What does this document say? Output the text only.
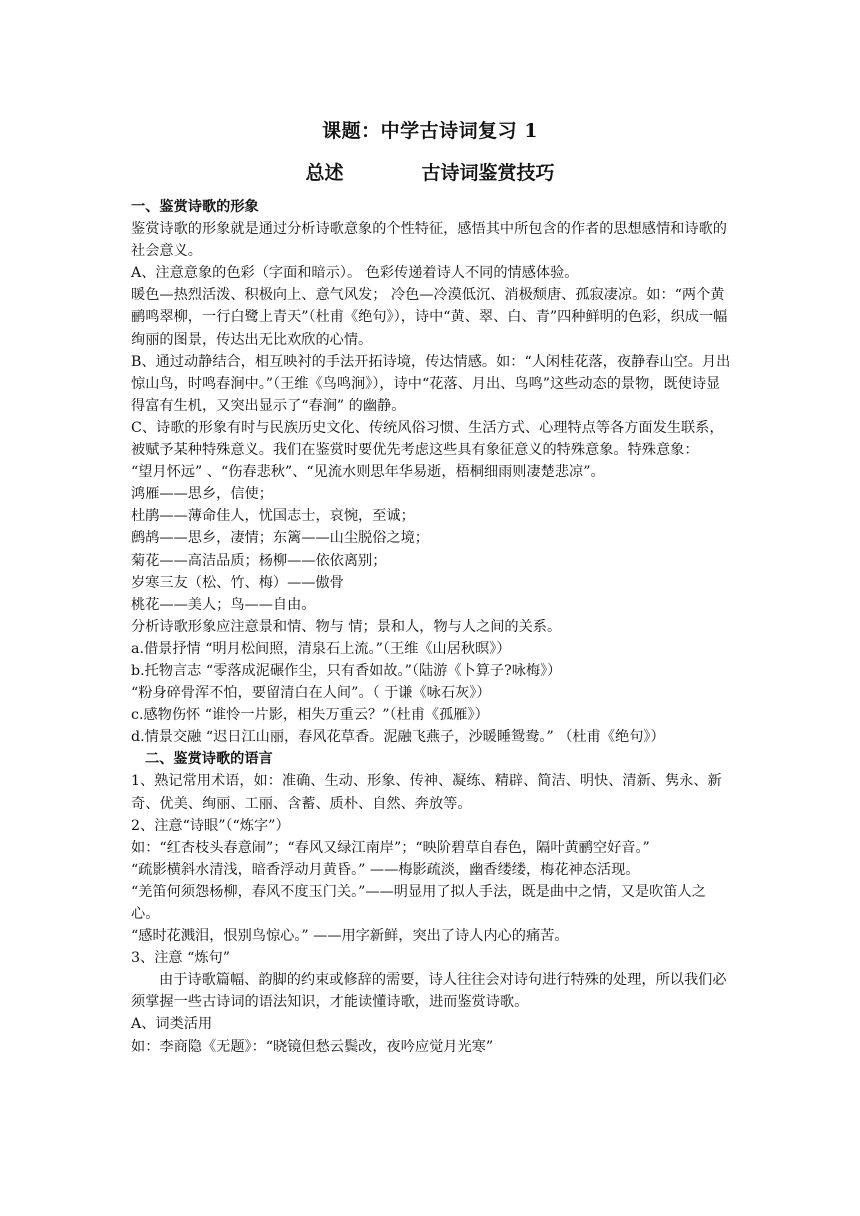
课题：中学古诗词复习 1
总述	古诗词鉴赏技巧

一、鉴赏诗歌的形象

鉴赏诗歌的形象就是通过分析诗歌意象的个性特征，感悟其中所包含的作者的思想感情和诗歌的社会意义。

A、注意意象的色彩（字面和暗示）。 色彩传递着诗人不同的情感体验。

暖色—热烈活泼、积极向上、意气风发； 冷色—冷漠低沉、消极颓唐、孤寂凄凉。如：“两个黄鹂鸣翠柳，一行白鹭上青天”（杜甫《绝句》），诗中“黄、翠、白、青”四种鲜明的色彩，织成一幅绚丽的图景，传达出无比欢欣的心情。

B、通过动静结合，相互映衬的手法开拓诗境，传达情感。如：“人闲桂花落，夜静春山空。月出惊山鸟，时鸣春涧中。”（王维《鸟鸣涧》），诗中“花落、月出、鸟鸣”这些动态的景物，既使诗显得富有生机，又突出显示了“春涧” 的幽静。

C、诗歌的形象有时与民族历史文化、传统风俗习惯、生活方式、心理特点等各方面发生联系，被赋予某种特殊意义。我们在鉴赏时要优先考虑这些具有象征意义的特殊意象。特殊意象：

“望月怀远” 、“伤春悲秋”、“见流水则思年华易逝，梧桐细雨则凄楚悲凉”。

鸿雁——思乡，信使；

杜鹃——薄命佳人，忧国志士，哀惋，至诚；

鹧鸪——思乡，凄情；东篱——山尘脱俗之境；

菊花——高洁品质；杨柳——依依离别；

岁寒三友（松、竹、梅）——傲骨

桃花——美人；鸟——自由。

分析诗歌形象应注意景和情、物与 情；景和人，物与人之间的关系。

a.借景抒情 “明月松间照，清泉石上流。”（王维《山居秋暝》）

b.托物言志 “零落成泥碾作尘，只有香如故。”（陆游《卜算子?咏梅》）

“粉身碎骨浑不怕，要留清白在人间”。（ 于谦《咏石灰》）

c.感物伤怀 “谁怜一片影，相失万重云？”（杜甫《孤雁》）

d.情景交融 “迟日江山丽，春风花草香。泥融飞燕子，沙暖睡鸳鸯。” （杜甫《绝句》）

二、鉴赏诗歌的语言

1、熟记常用术语，如：准确、生动、形象、传神、凝练、精辟、简洁、明快、清新、隽永、新奇、优美、绚丽、工丽、含蓄、质朴、自然、奔放等。

2、注意“诗眼”（“炼字”）

如：“红杏枝头春意闹”；“春风又绿江南岸”；“映阶碧草自春色，隔叶黄鹂空好音。”

“疏影横斜水清浅，暗香浮动月黄昏。” ——梅影疏淡，幽香缕缕，梅花神态活现。

“羌笛何须怨杨柳，春风不度玉门关。”——明显用了拟人手法，既是曲中之情，又是吹笛人之心。

“感时花溅泪，恨别鸟惊心。” ——用字新鲜，突出了诗人内心的痛苦。

3、注意 “炼句”

由于诗歌篇幅、韵脚的约束或修辞的需要，诗人往往会对诗句进行特殊的处理，所以我们必须掌握一些古诗词的语法知识，才能读懂诗歌，进而鉴赏诗歌。

A、词类活用

如：李商隐《无题》：“晓镜但愁云鬓改，夜吟应觉月光寒”
